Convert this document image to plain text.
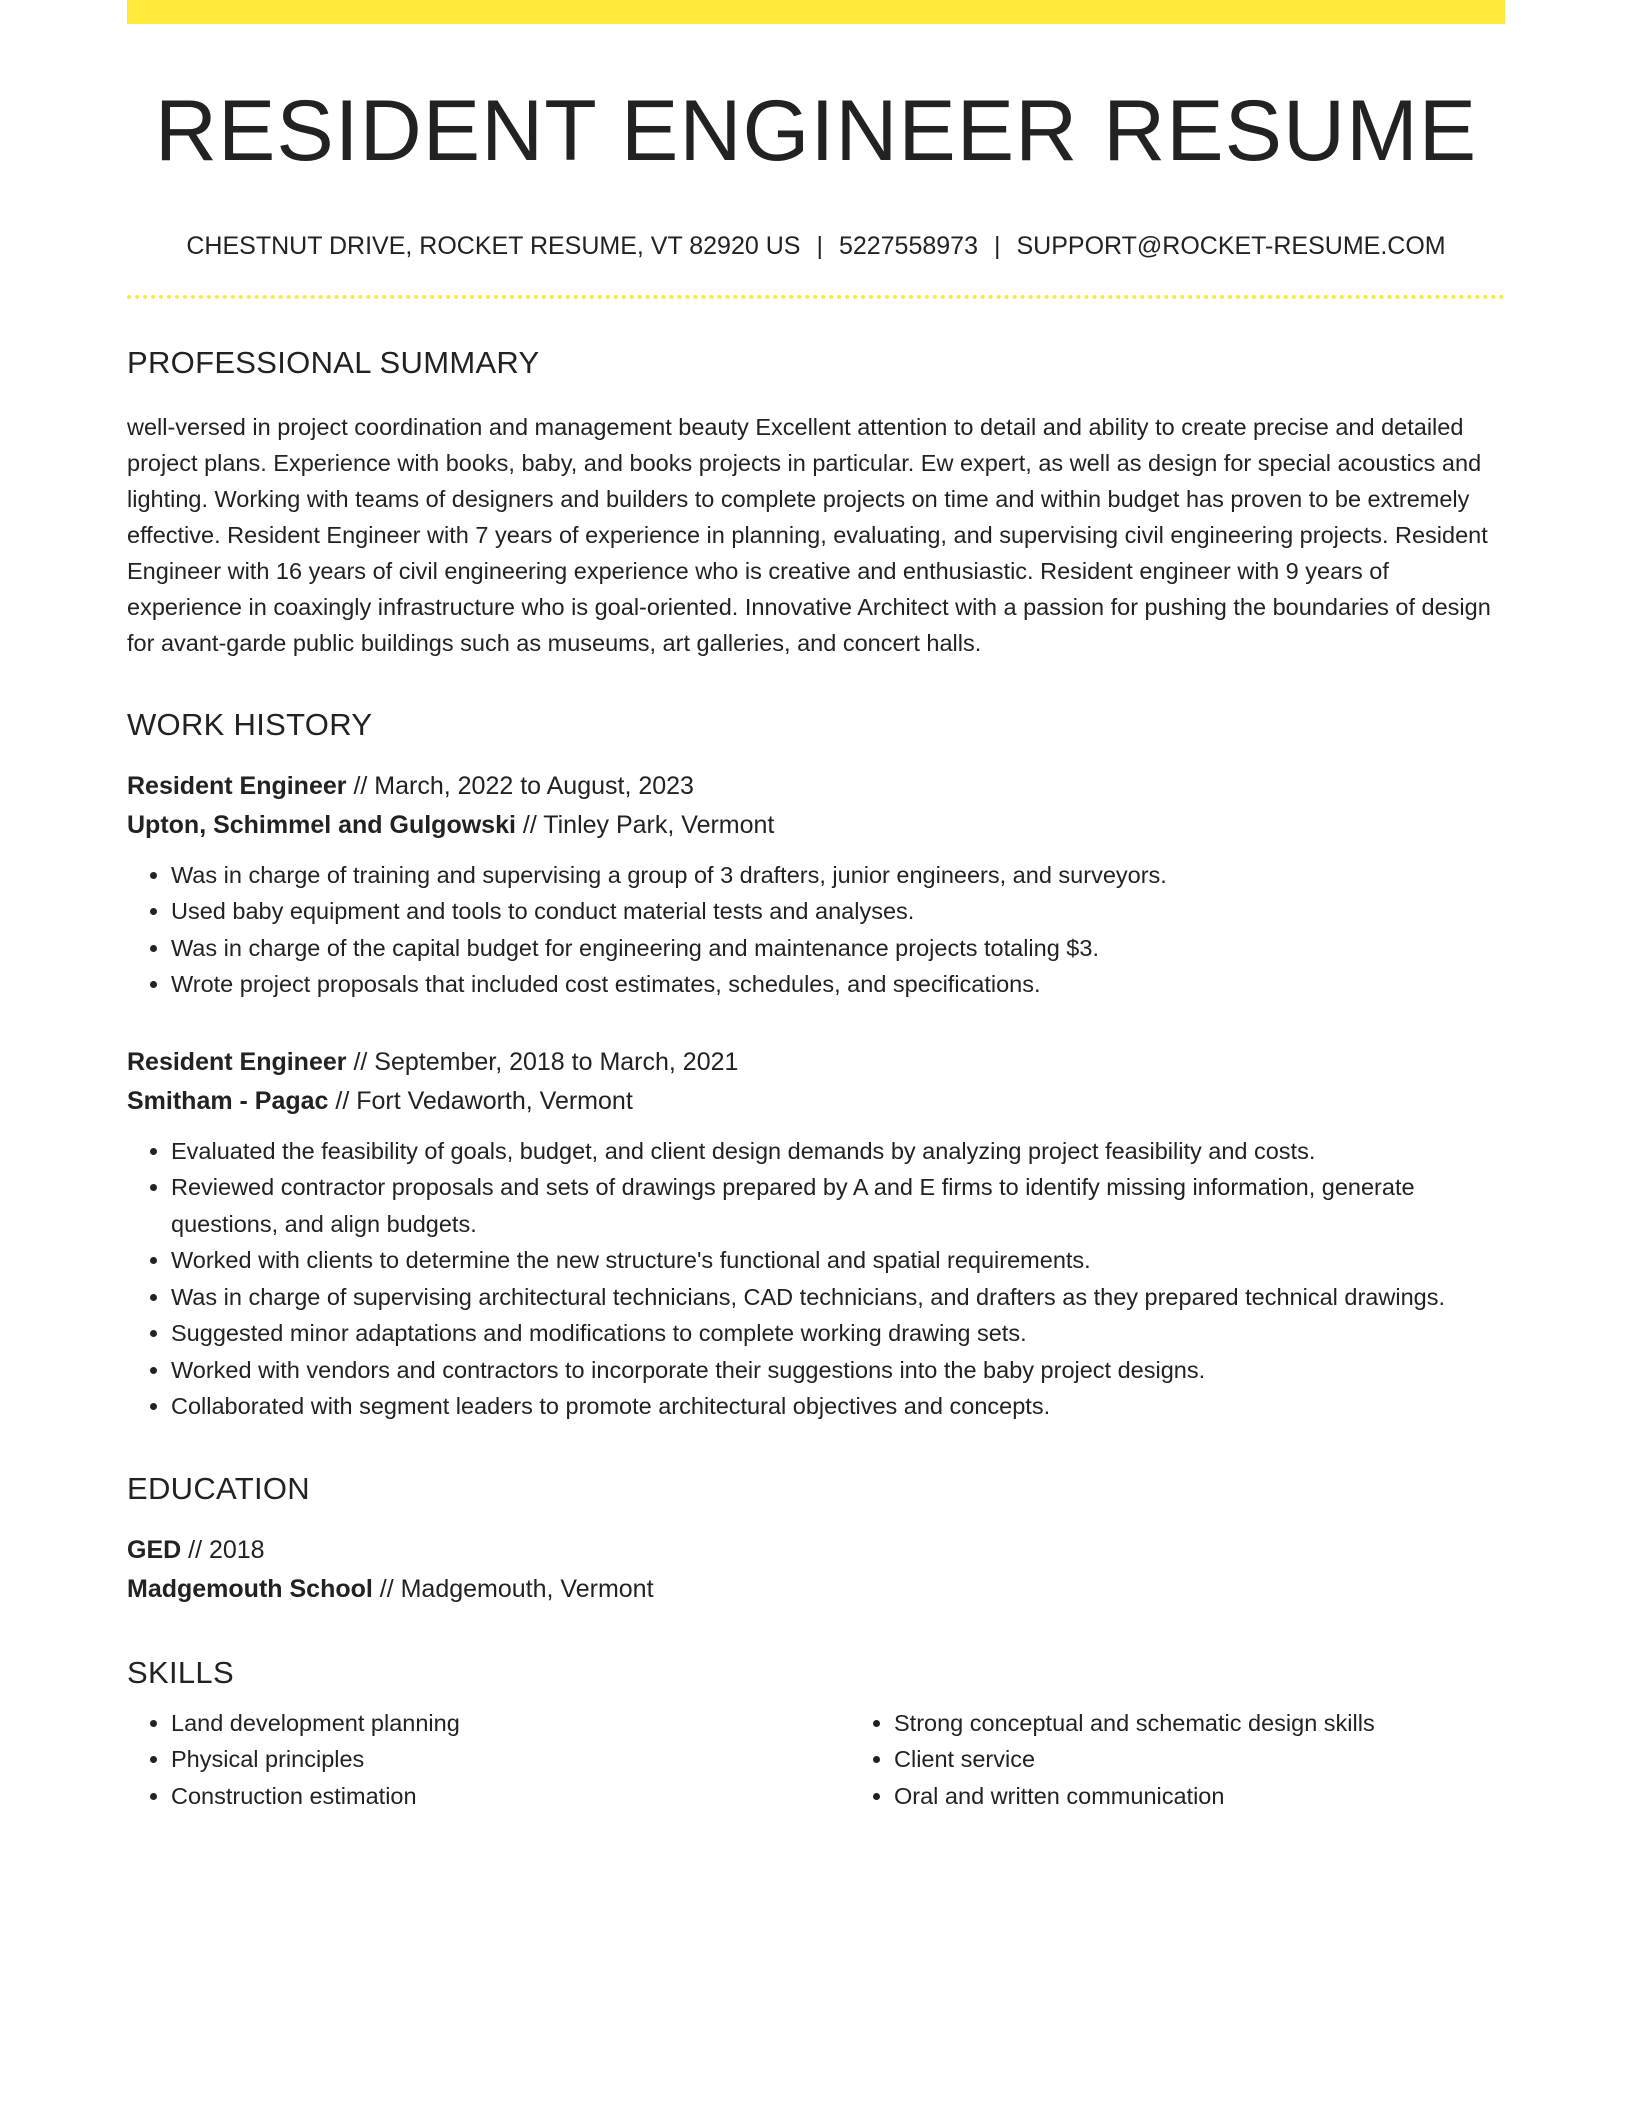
RESIDENT ENGINEER RESUME
CHESTNUT DRIVE, ROCKET RESUME, VT 82920 US | 5227558973 | SUPPORT@ROCKET-RESUME.COM
PROFESSIONAL SUMMARY
well-versed in project coordination and management beauty Excellent attention to detail and ability to create precise and detailed project plans. Experience with books, baby, and books projects in particular. Ew expert, as well as design for special acoustics and lighting. Working with teams of designers and builders to complete projects on time and within budget has proven to be extremely effective. Resident Engineer with 7 years of experience in planning, evaluating, and supervising civil engineering projects. Resident Engineer with 16 years of civil engineering experience who is creative and enthusiastic. Resident engineer with 9 years of experience in coaxingly infrastructure who is goal-oriented. Innovative Architect with a passion for pushing the boundaries of design for avant-garde public buildings such as museums, art galleries, and concert halls.
WORK HISTORY
Resident Engineer // March, 2022 to August, 2023
Upton, Schimmel and Gulgowski // Tinley Park, Vermont
• Was in charge of training and supervising a group of 3 drafters, junior engineers, and surveyors.
• Used baby equipment and tools to conduct material tests and analyses.
• Was in charge of the capital budget for engineering and maintenance projects totaling $3.
• Wrote project proposals that included cost estimates, schedules, and specifications.
Resident Engineer // September, 2018 to March, 2021
Smitham - Pagac // Fort Vedaworth, Vermont
• Evaluated the feasibility of goals, budget, and client design demands by analyzing project feasibility and costs.
• Reviewed contractor proposals and sets of drawings prepared by A and E firms to identify missing information, generate questions, and align budgets.
• Worked with clients to determine the new structure's functional and spatial requirements.
• Was in charge of supervising architectural technicians, CAD technicians, and drafters as they prepared technical drawings.
• Suggested minor adaptations and modifications to complete working drawing sets.
• Worked with vendors and contractors to incorporate their suggestions into the baby project designs.
• Collaborated with segment leaders to promote architectural objectives and concepts.
EDUCATION
GED // 2018
Madgemouth School // Madgemouth, Vermont
SKILLS
• Land development planning
• Physical principles
• Construction estimation
• Strong conceptual and schematic design skills
• Client service
• Oral and written communication
